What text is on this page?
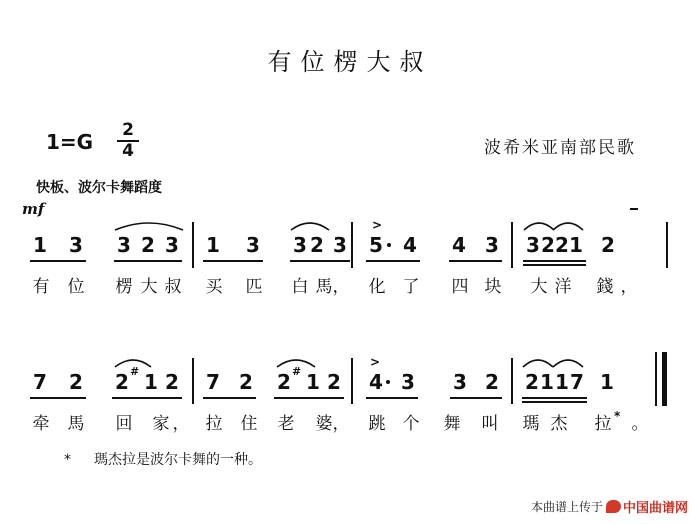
有位楞大叔
$1=G \frac{2}{4}$	波希米亚南部民歌
快板、波尔卡舞蹈度
mf
1 3 3 2 3 1 3 3 2 3 5 4 4 3 3 2 2 1 2
>
有 位 楞 大 叔 买 匹 白 馬 ， 化 了 四 块 大 洋 錢 ，
7 2 2 1 2 7 2 2 1 2 4 3 3 2 2 1 1 7 1
#	#
>
牵 馬 回 家 ， 拉 住 老 婆 ， 跳 个 舞 叫 瑪 杰 拉 。
*
* 瑪杰拉是波尔卡舞的一种。
本曲谱上传于 中国曲谱网
